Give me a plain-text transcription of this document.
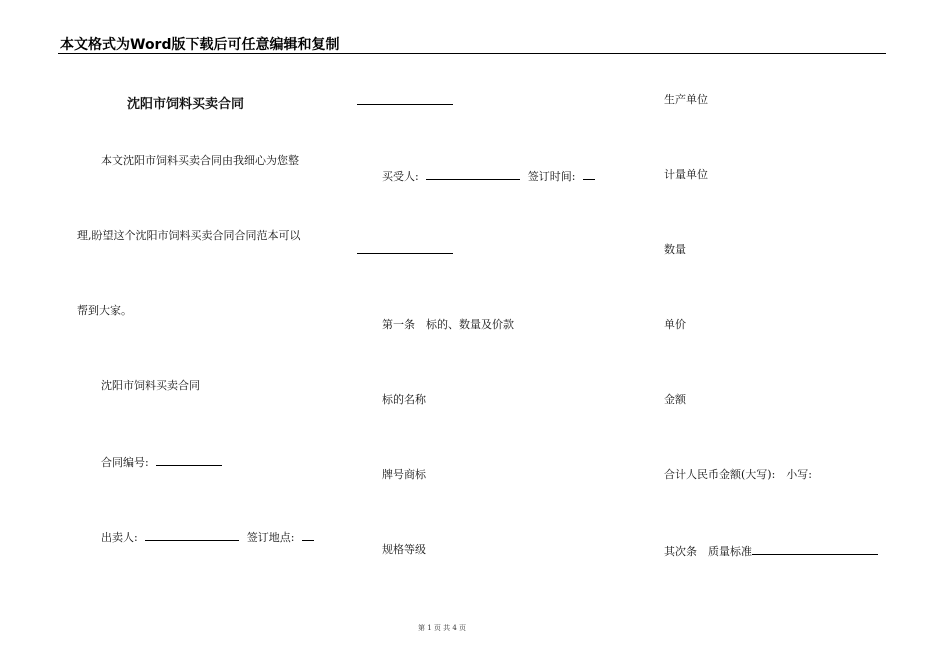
本文格式为Word版下载后可任意编辑和复制
沈阳市饲料买卖合同
本文沈阳市饲料买卖合同由我细心为您整
理,盼望这个沈阳市饲料买卖合同合同范本可以
帮到大家。
沈阳市饲料买卖合同
合同编号:
出卖人:	签订地点:
买受人:	签订时间:
第一条　标的、数量及价款
标的名称
牌号商标
规格等级
生产单位
计量单位
数量
单价
金额
合计人民币金额(大写):　小写:
其次条　质量标准
第 1 页 共 4 页
